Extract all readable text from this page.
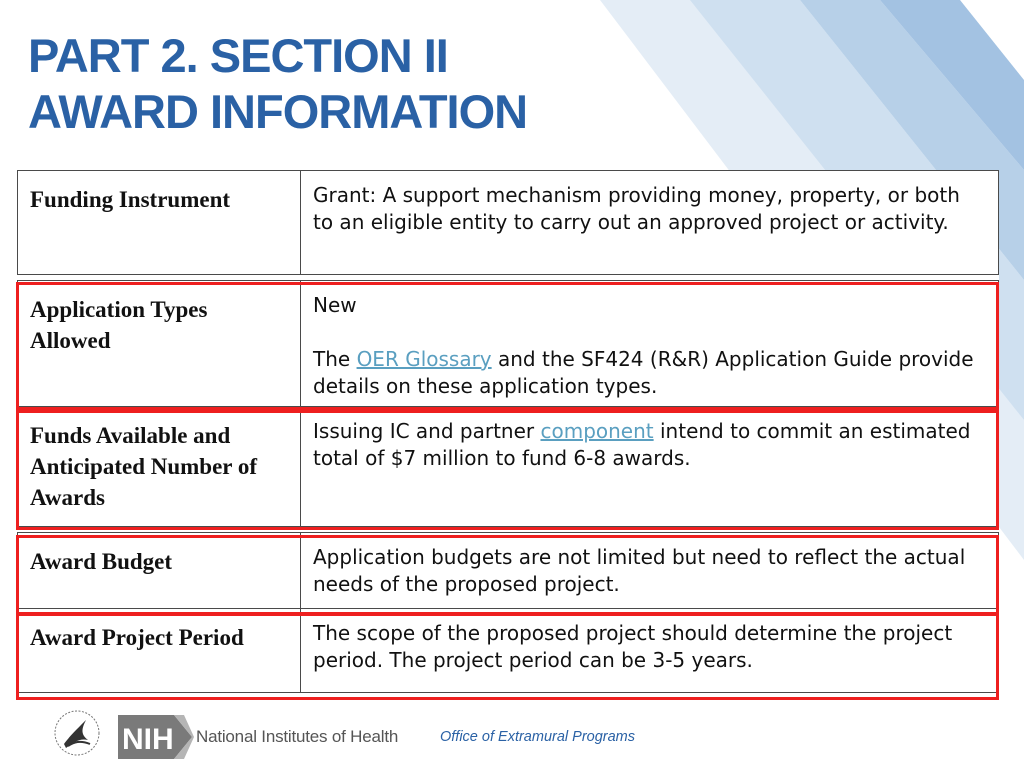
PART 2. SECTION II
AWARD INFORMATION
Funding Instrument	Grant: A support mechanism providing money, property, or both to an eligible entity to carry out an approved project or activity.

Application Types Allowed	New
The OER Glossary and the SF424 (R&R) Application Guide provide details on these application types.

Funds Available and Anticipated Number of Awards	Issuing IC and partner component intend to commit an estimated total of $7 million to fund 6-8 awards.

Award Budget	Application budgets are not limited but need to reflect the actual needs of the proposed project.
Award Project Period	The scope of the proposed project should determine the project period. The project period can be 3-5 years.
NIH National Institutes of Health	Office of Extramural Programs
